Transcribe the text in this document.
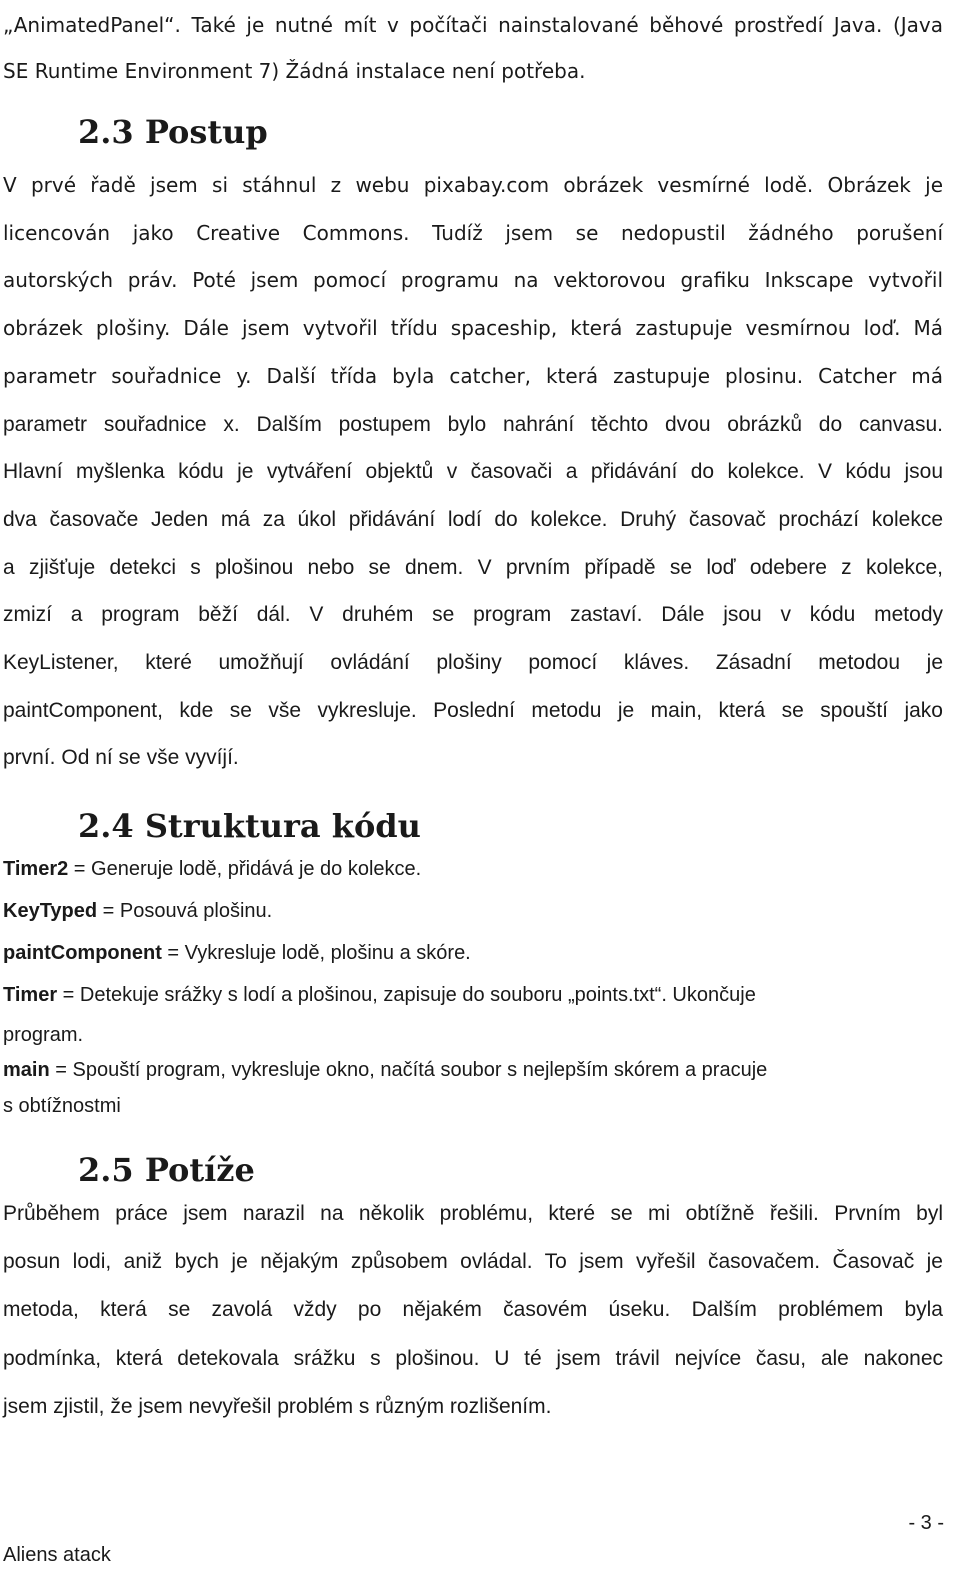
„AnimatedPanel“. Také je nutné mít v počítači nainstalované běhové prostředí Java. (Java
SE Runtime Environment 7) Žádná instalace není potřeba.
2.3 Postup
V prvé řadě jsem si stáhnul z webu pixabay.com obrázek vesmírné lodě. Obrázek je
licencován jako Creative Commons. Tudíž jsem se nedopustil žádného porušení
autorských práv. Poté jsem pomocí programu na vektorovou grafiku Inkscape vytvořil
obrázek plošiny. Dále jsem vytvořil třídu spaceship, která zastupuje vesmírnou loď. Má
parametr souřadnice y. Další třída byla catcher, která zastupuje plosinu. Catcher má
parametr souřadnice x. Dalším postupem bylo nahrání těchto dvou obrázků do canvasu.
Hlavní myšlenka kódu je vytváření objektů v časovači a přidávání do kolekce. V kódu jsou
dva časovače Jeden má za úkol přidávání lodí do kolekce. Druhý časovač prochází kolekce
a zjišťuje detekci s plošinou nebo se dnem. V prvním případě se loď odebere z kolekce,
zmizí a program běží dál. V druhém se program zastaví. Dále jsou v kódu metody
KeyListener, které umožňují ovládání plošiny pomocí kláves. Zásadní metodou je
paintComponent, kde se vše vykresluje. Poslední metodu je main, která se spouští jako
první. Od ní se vše vyvíjí.
2.4 Struktura kódu
Timer2 = Generuje lodě, přidává je do kolekce.
KeyTyped = Posouvá plošinu.
paintComponent = Vykresluje lodě, plošinu a skóre.
Timer = Detekuje srážky s lodí a plošinou, zapisuje do souboru „points.txt“. Ukončuje
program.
main = Spouští program, vykresluje okno, načítá soubor s nejlepším skórem a pracuje
s obtížnostmi
2.5 Potíže
Průběhem práce jsem narazil na několik problému, které se mi obtížně řešili. Prvním byl
posun lodi, aniž bych je nějakým způsobem ovládal. To jsem vyřešil časovačem. Časovač je
metoda, která se zavolá vždy po nějakém časovém úseku. Dalším problémem byla
podmínka, která detekovala srážku s plošinou. U té jsem trávil nejvíce času, ale nakonec
jsem zjistil, že jsem nevyřešil problém s různým rozlišením.
- 3 -
Aliens atack
